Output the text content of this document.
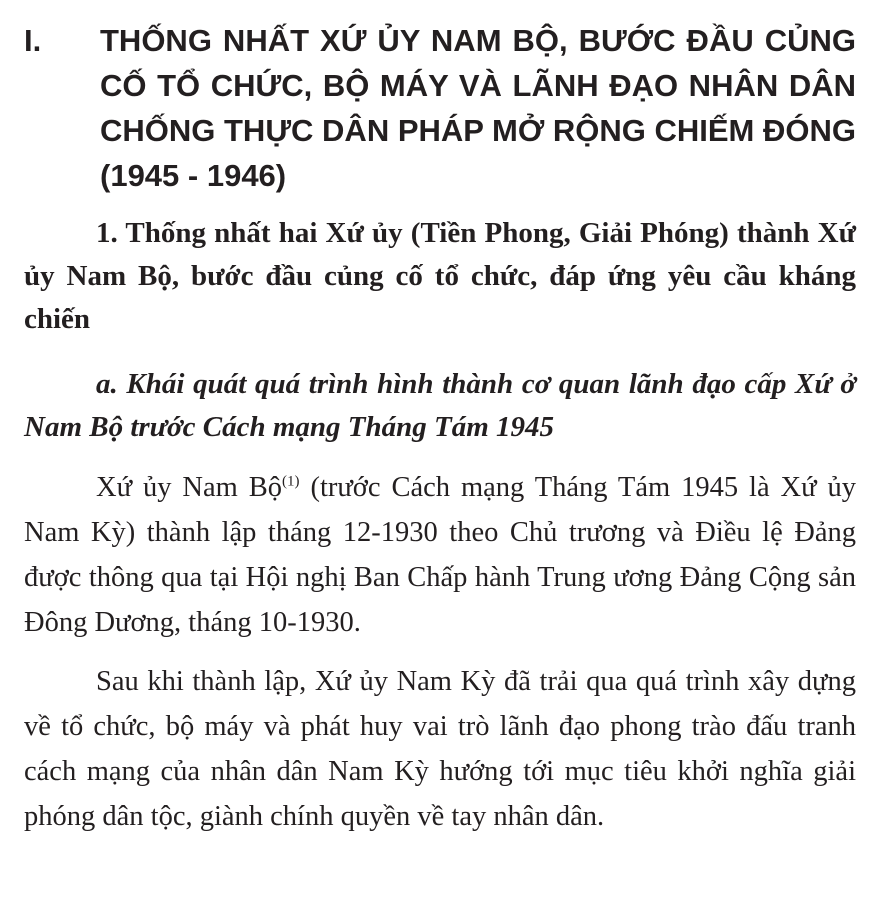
I.	THỐNG NHẤT XỨ ỦY NAM BỘ, BƯỚC ĐẦU CỦNG CỐ TỔ CHỨC, BỘ MÁY VÀ LÃNH ĐẠO NHÂN DÂN CHỐNG THỰC DÂN PHÁP MỞ RỘNG CHIẾM ĐÓNG (1945 - 1946)
1. Thống nhất hai Xứ ủy (Tiền Phong, Giải Phóng) thành Xứ ủy Nam Bộ, bước đầu củng cố tổ chức, đáp ứng yêu cầu kháng chiến
a. Khái quát quá trình hình thành cơ quan lãnh đạo cấp Xứ ở Nam Bộ trước Cách mạng Tháng Tám 1945

Xứ ủy Nam Bộ$^{(1)}$ (trước Cách mạng Tháng Tám 1945 là Xứ ủy Nam Kỳ) thành lập tháng 12-1930 theo Chủ trương và Điều lệ Đảng được thông qua tại Hội nghị Ban Chấp hành Trung ương Đảng Cộng sản Đông Dương, tháng 10-1930.

Sau khi thành lập, Xứ ủy Nam Kỳ đã trải qua quá trình xây dựng về tổ chức, bộ máy và phát huy vai trò lãnh đạo phong trào đấu tranh cách mạng của nhân dân Nam Kỳ hướng tới mục tiêu khởi nghĩa giải phóng dân tộc, giành chính quyền về tay nhân dân.
